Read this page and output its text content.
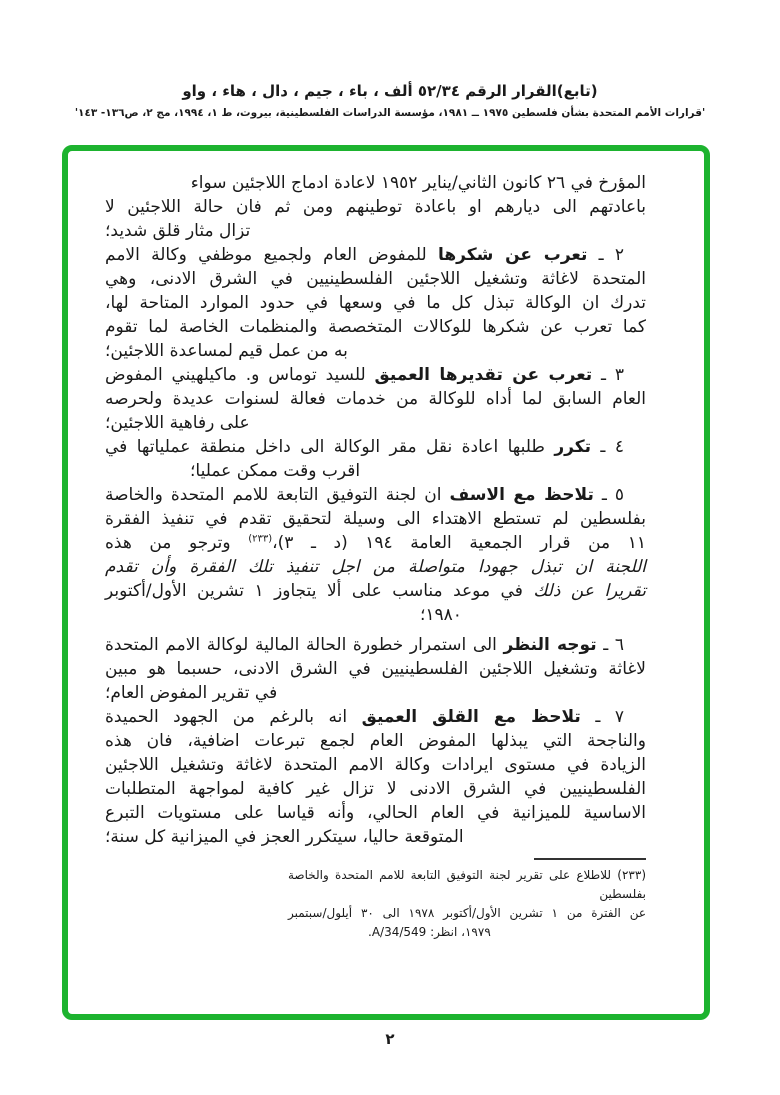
(تابع)القرار الرقم ٥٢/٣٤ ألف ، باء ، جيم ، دال ، هاء ، واو
'قرارات الأمم المتحدة بشأن فلسطين ١٩٧٥ ــ ١٩٨١، مؤسسة الدراسات الفلسطينية، بيروت، ط ١، ١٩٩٤، مج ٢، ص١٣٦- ١٤٣'
المؤرخ في ٢٦ كانون الثاني/يناير ١٩٥٢ لاعادة ادماج اللاجئين سواء
باعادتهم الى ديارهم او باعادة توطينهم ومن ثم فان حالة اللاجئين لا
تزال مثار قلق شديد؛
٢ ـ تعرب عن شكرها للمفوض العام ولجميع موظفي وكالة الامم
المتحدة لاغاثة وتشغيل اللاجئين الفلسطينيين في الشرق الادنى، وهي
تدرك ان الوكالة تبذل كل ما في وسعها في حدود الموارد المتاحة لها،
كما تعرب عن شكرها للوكالات المتخصصة والمنظمات الخاصة لما تقوم
به من عمل قيم لمساعدة اللاجئين؛
٣ ـ تعرب عن تقديرها العميق للسيد توماس و. ماكيلهيني المفوض
العام السابق لما أداه للوكالة من خدمات فعالة لسنوات عديدة ولحرصه
على رفاهية اللاجئين؛
٤ ـ تكرر طلبها اعادة نقل مقر الوكالة الى داخل منطقة عملياتها في
اقرب وقت ممكن عمليا؛
٥ ـ تلاحظ مع الاسف ان لجنة التوفيق التابعة للامم المتحدة والخاصة
بفلسطين لم تستطع الاهتداء الى وسيلة لتحقيق تقدم في تنفيذ الفقرة
١١ من قرار الجمعية العامة ١٩٤ (د ـ ٣)،$^{(٢٣٣)}$ وترجو من هذه
اللجنة ان تبذل جهودا متواصلة من اجل تنفيذ تلك الفقرة وأن تقدم
تقريرا عن ذلك في موعد مناسب على ألا يتجاوز ١ تشرين الأول/أكتوبر
١٩٨٠؛
٦ ـ توجه النظر الى استمرار خطورة الحالة المالية لوكالة الامم المتحدة
لاغاثة وتشغيل اللاجئين الفلسطينيين في الشرق الادنى، حسبما هو مبين
في تقرير المفوض العام؛
٧ ـ تلاحظ مع القلق العميق انه بالرغم من الجهود الحميدة
والناجحة التي يبذلها المفوض العام لجمع تبرعات اضافية، فان هذه
الزيادة في مستوى ايرادات وكالة الامم المتحدة لاغاثة وتشغيل اللاجئين
الفلسطينيين في الشرق الادنى لا تزال غير كافية لمواجهة المتطلبات
الاساسية للميزانية في العام الحالي، وأنه قياسا على مستويات التبرع
المتوقعة حاليا، سيتكرر العجز في الميزانية كل سنة؛
(٢٣٣) للاطلاع على تقرير لجنة التوفيق التابعة للامم المتحدة والخاصة بفلسطين
عن الفترة من ١ تشرين الأول/أكتوبر ١٩٧٨ الى ٣٠ أيلول/سبتمبر
١٩٧٩، انظر: A/34/549.
٢
